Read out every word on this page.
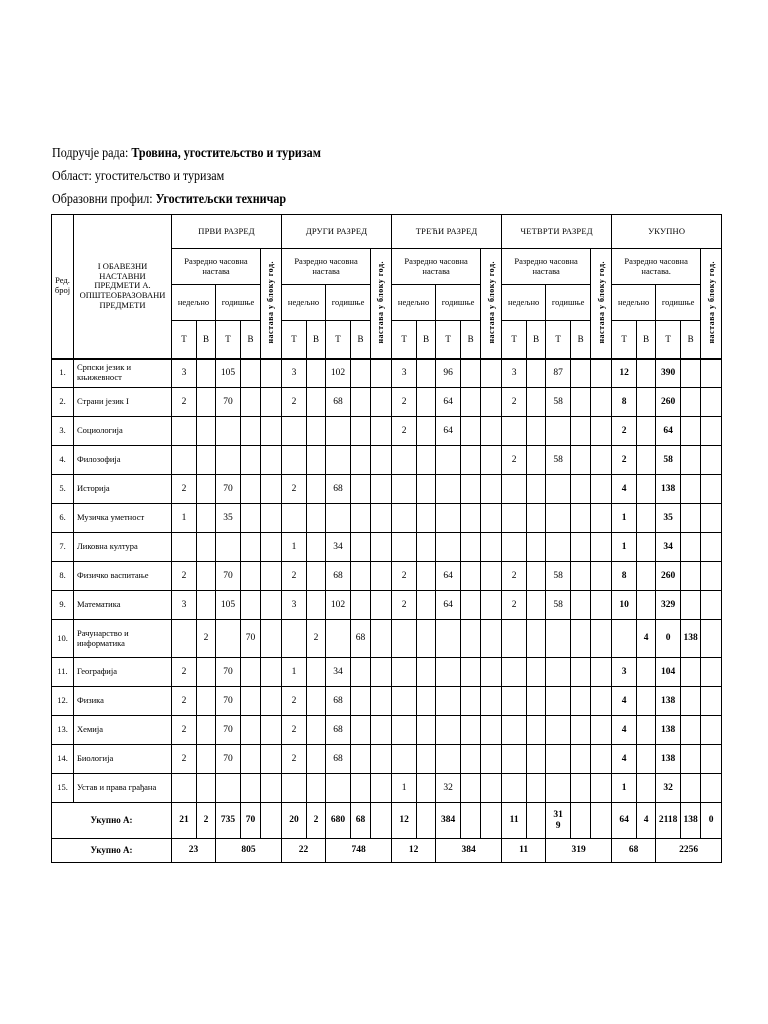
Подручје рада: Тровина, угоститељство и туризам
Област: угоститељство и туризам
Образовни профил: Угоститељски техничар
Ред. број	I ОБАВЕЗНИ НАСТАВНИ ПРЕДМЕТИ А. ОПШТЕОБРАЗОВАНИ ПРЕДМЕТИ	ПРВИ РАЗРЕД					ДРУГИ РАЗРЕД					ТРЕЋИ РАЗРЕД					ЧЕТВРТИ РАЗРЕД					УКУПНО				
		Разредно часовна настава				настава у блоку год.	Разредно часовна настава				настава у блоку год.	Разредно часовна настава				настава у блоку год.	Разредно часовна настава				настава у блоку год.	Разредно часовна настава.				настава у блоку год.
		недељно		годишње			недељно		годишње			недељно		годишње			недељно		годишње			недељно		годишње		
		Т	В	Т	В		Т	В	Т	В		Т	В	Т	В		Т	В	Т	В		Т	В	Т	В	
1.	Српски језик и књижевност	3		105			3		102			3		96			3		87			12		390		
2.	Страни језик I	2		70			2		68			2		64			2		58			8		260		
3.	Социологија											2		64								2		64		
4.	Филозофија																2		58			2		58		
5.	Историја	2		70			2		68													4		138		
6.	Музичка уметност	1		35																		1		35		
7.	Ликовна култура						1		34													1		34		
8.	Физичко васпитање	2		70			2		68			2		64			2		58			8		260		
9.	Математика	3		105			3		102			2		64			2		58			10		329		
10.	Рачунарство и информатика		2		70			2		68													4	0	138	
11.	Географија	2		70			1		34													3		104		
12.	Физика	2		70			2		68													4		138		
13.	Хемија	2		70			2		68													4		138		
14.	Биологија	2		70			2		68													4		138		
15.	Устав и права грађана											1		32								1		32		
Укупно А:		21	2	735	70		20	2	680	68		12		384			11		319			64	4	2118	138	0
Укупно А:		23		805			22		748			12		384			11		319			68		2256		
